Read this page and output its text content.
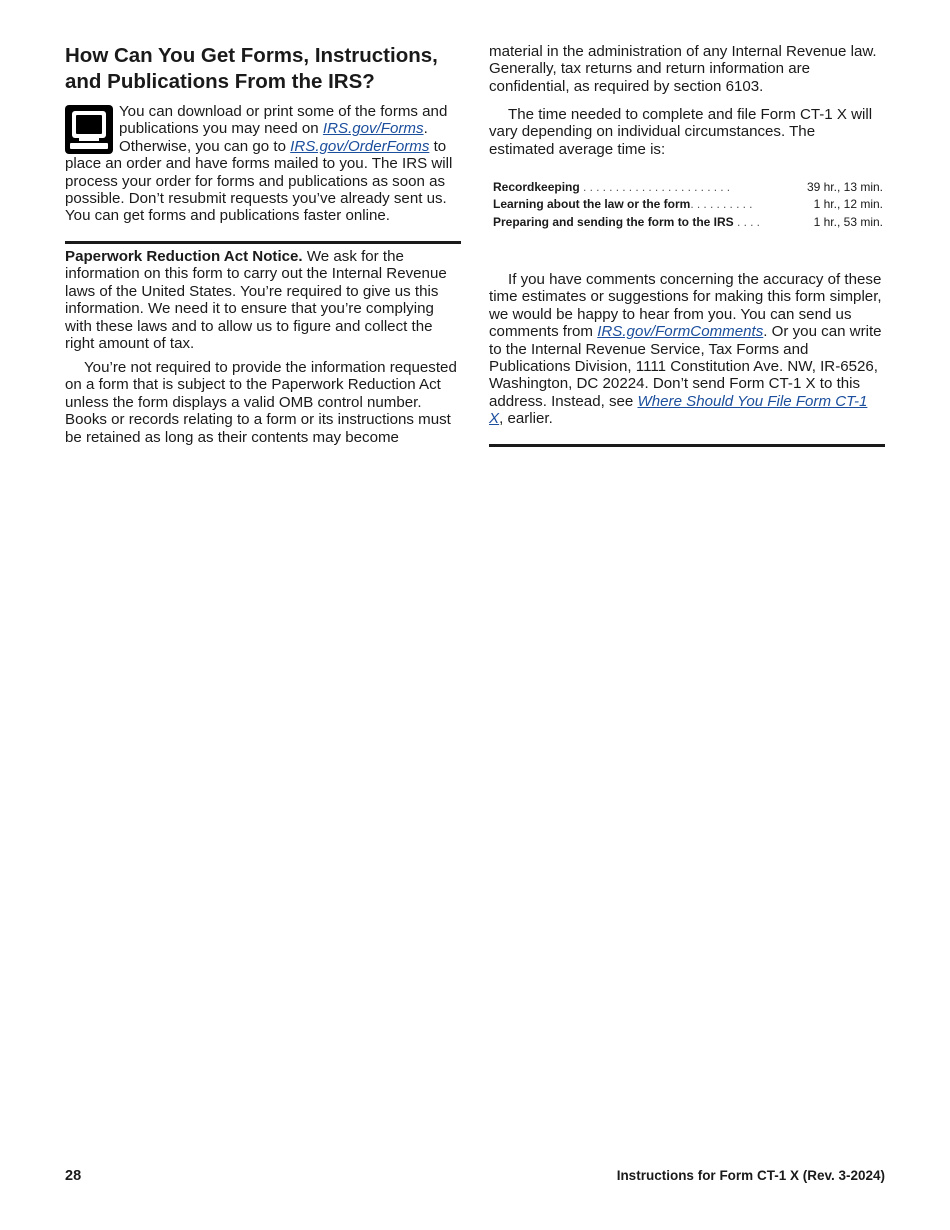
How Can You Get Forms, Instructions,
and Publications From the IRS?

You can download or print some of the forms and publications you may need on IRS.gov/Forms. Otherwise, you can go to IRS.gov/OrderForms to place an order and have forms mailed to you. The IRS will process your order for forms and publications as soon as possible. Don’t resubmit requests you’ve already sent us. You can get forms and publications faster online.

Paperwork Reduction Act Notice. We ask for the information on this form to carry out the Internal Revenue laws of the United States. You’re required to give us this information. We need it to ensure that you’re complying with these laws and to allow us to figure and collect the right amount of tax.

You’re not required to provide the information requested on a form that is subject to the Paperwork Reduction Act unless the form displays a valid OMB control number. Books or records relating to a form or its instructions must be retained as long as their contents may become

material in the administration of any Internal Revenue law. Generally, tax returns and return information are confidential, as required by section 6103.

The time needed to complete and file Form CT-1 X will vary depending on individual circumstances. The estimated average time is:

Recordkeeping .......................	39 hr., 13 min.
Learning about the law or the form..........	1 hr., 12 min.
Preparing and sending the form to the IRS ....	1 hr., 53 min.

If you have comments concerning the accuracy of these time estimates or suggestions for making this form simpler, we would be happy to hear from you. You can send us comments from IRS.gov/FormComments. Or you can write to the Internal Revenue Service, Tax Forms and Publications Division, 1111 Constitution Ave. NW, IR-6526, Washington, DC 20224. Don’t send Form CT-1 X to this address. Instead, see Where Should You File Form CT-1 X, earlier.

28	Instructions for Form CT-1 X (Rev. 3-2024)
